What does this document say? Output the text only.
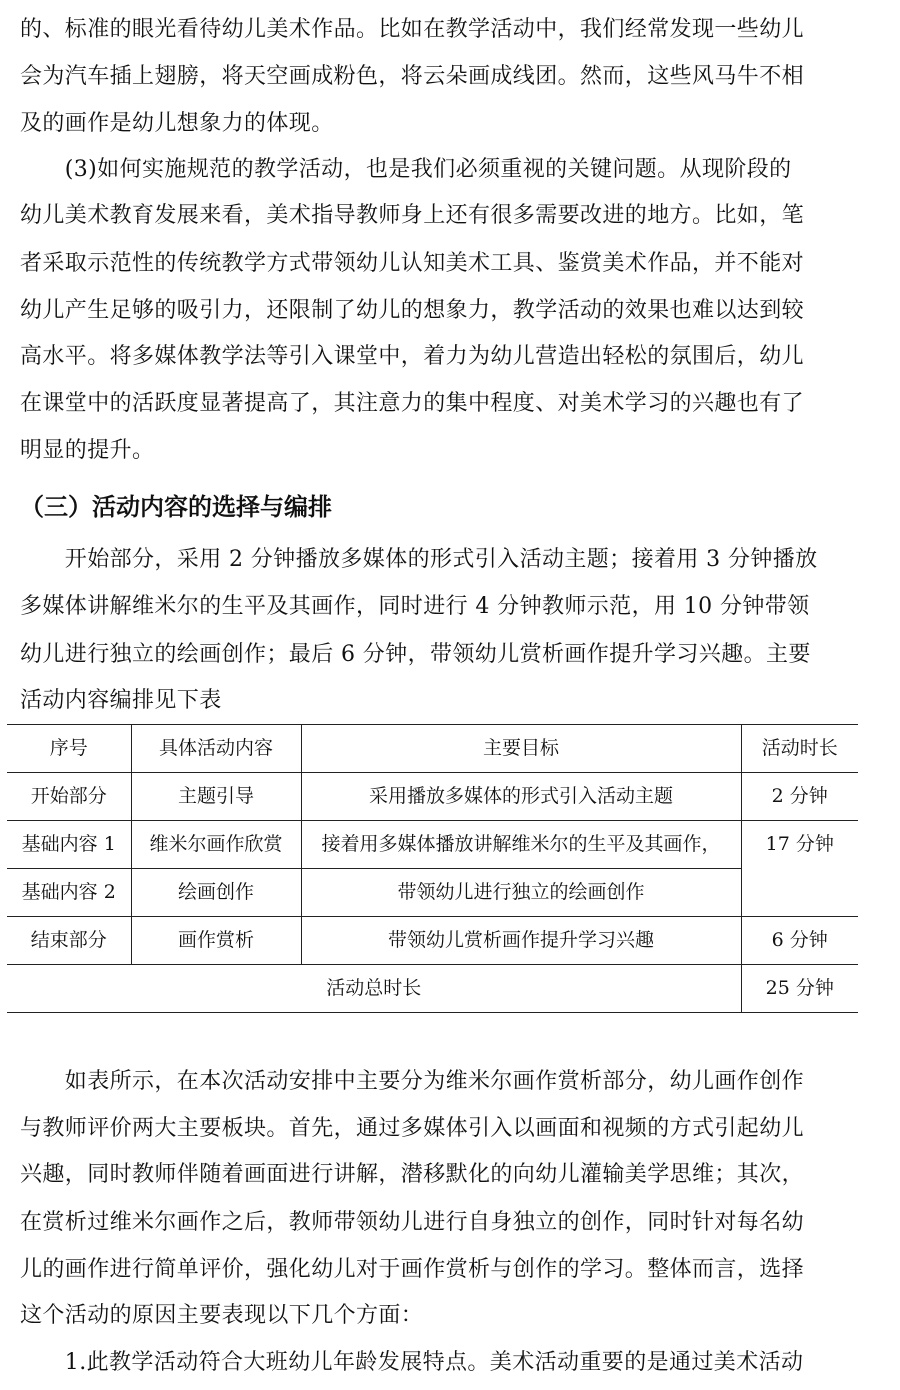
的、标准的眼光看待幼儿美术作品。比如在教学活动中，我们经常发现一些幼儿
会为汽车插上翅膀，将天空画成粉色，将云朵画成线团。然而，这些风马牛不相
及的画作是幼儿想象力的体现。
　　(3)如何实施规范的教学活动，也是我们必须重视的关键问题。从现阶段的
幼儿美术教育发展来看，美术指导教师身上还有很多需要改进的地方。比如，笔
者采取示范性的传统教学方式带领幼儿认知美术工具、鉴赏美术作品，并不能对
幼儿产生足够的吸引力，还限制了幼儿的想象力，教学活动的效果也难以达到较
高水平。将多媒体教学法等引入课堂中，着力为幼儿营造出轻松的氛围后，幼儿
在课堂中的活跃度显著提高了，其注意力的集中程度、对美术学习的兴趣也有了
明显的提升。
（三）活动内容的选择与编排
　　开始部分，采用 2 分钟播放多媒体的形式引入活动主题；接着用 3 分钟播放
多媒体讲解维米尔的生平及其画作，同时进行 4 分钟教师示范，用 10 分钟带领
幼儿进行独立的绘画创作；最后 6 分钟，带领幼儿赏析画作提升学习兴趣。主要
活动内容编排见下表
序号	具体活动内容	主要目标	活动时长
开始部分	主题引导	采用播放多媒体的形式引入活动主题	2 分钟
基础内容 1	维米尔画作欣赏	接着用多媒体播放讲解维米尔的生平及其画作，	17 分钟
基础内容 2	绘画创作	带领幼儿进行独立的绘画创作	
结束部分	画作赏析	带领幼儿赏析画作提升学习兴趣	6 分钟
活动总时长			25 分钟
　　如表所示，在本次活动安排中主要分为维米尔画作赏析部分，幼儿画作创作
与教师评价两大主要板块。首先，通过多媒体引入以画面和视频的方式引起幼儿
兴趣，同时教师伴随着画面进行讲解，潜移默化的向幼儿灌输美学思维；其次，
在赏析过维米尔画作之后，教师带领幼儿进行自身独立的创作，同时针对每名幼
儿的画作进行简单评价，强化幼儿对于画作赏析与创作的学习。整体而言，选择
这个活动的原因主要表现以下几个方面：
　　1.此教学活动符合大班幼儿年龄发展特点。美术活动重要的是通过美术活动
